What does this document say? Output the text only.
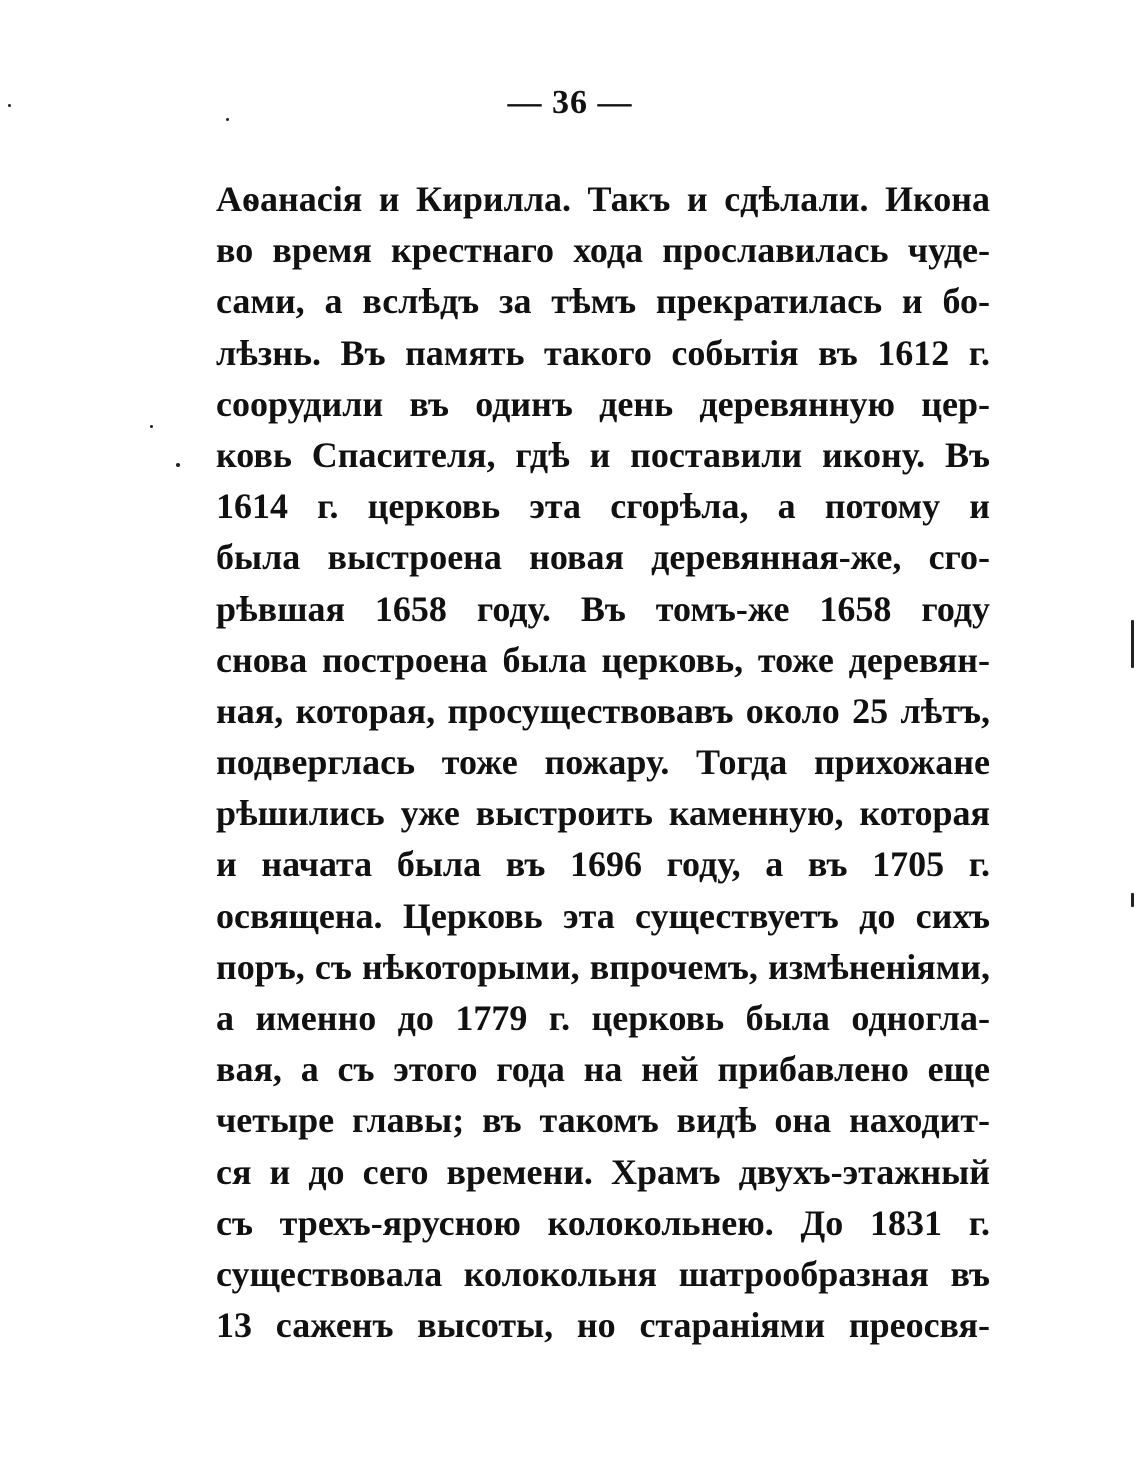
— 36 —
Аѳанасія и Кирилла. Такъ и сдѣлали. Икона
во время крестнаго хода прославилась чуде-
сами, а вслѣдъ за тѣмъ прекратилась и бо-
лѣзнь. Въ память такого событія въ 1612 г.
соорудили въ одинъ день деревянную цер-
ковь Спасителя, гдѣ и поставили икону. Въ
1614 г. церковь эта сгорѣла, а потому и
была выстроена новая деревянная-же, сго-
рѣвшая 1658 году. Въ томъ-же 1658 году
снова построена была церковь, тоже деревян-
ная, которая, просуществовавъ около 25 лѣтъ,
подверглась тоже пожару. Тогда прихожане
рѣшились уже выстроить каменную, которая
и начата была въ 1696 году, а въ 1705 г.
освящена. Церковь эта существуетъ до сихъ
поръ, съ нѣкоторыми, впрочемъ, измѣненіями,
а именно до 1779 г. церковь была одногла-
вая, а съ этого года на ней прибавлено еще
четыре главы; въ такомъ видѣ она находит-
ся и до сего времени. Храмъ двухъ-этажный
съ трехъ-ярусною колокольнею. До 1831 г.
существовала колокольня шатрообразная въ
13 саженъ высоты, но стараніями преосвя-
